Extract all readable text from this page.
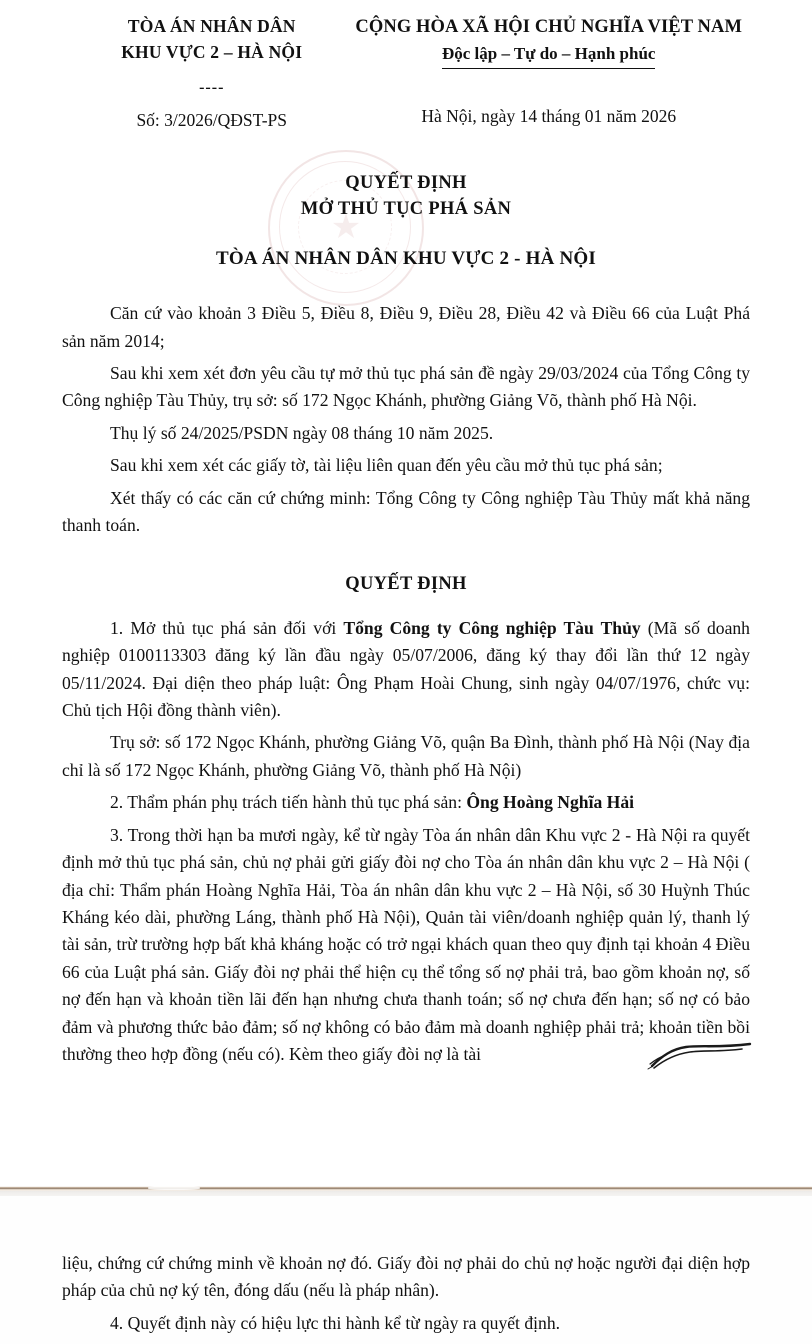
★
TÒA ÁN NHÂN DÂN
KHU VỰC 2 – HÀ NỘI
----
Số: 3/2026/QĐST-PS
CỘNG HÒA XÃ HỘI CHỦ NGHĨA VIỆT NAM
Độc lập – Tự do – Hạnh phúc
Hà Nội, ngày 14 tháng 01 năm 2026
QUYẾT ĐỊNH
MỞ THỦ TỤC PHÁ SẢN
TÒA ÁN NHÂN DÂN KHU VỰC 2 - HÀ NỘI

Căn cứ vào khoản 3 Điều 5, Điều 8, Điều 9, Điều 28, Điều 42 và Điều 66 của Luật Phá sản năm 2014;

Sau khi xem xét đơn yêu cầu tự mở thủ tục phá sản đề ngày 29/03/2024 của Tổng Công ty Công nghiệp Tàu Thủy, trụ sở: số 172 Ngọc Khánh, phường Giảng Võ, thành phố Hà Nội.

Thụ lý số 24/2025/PSDN ngày 08 tháng 10 năm 2025.

Sau khi xem xét các giấy tờ, tài liệu liên quan đến yêu cầu mở thủ tục phá sản;

Xét thấy có các căn cứ chứng minh: Tổng Công ty Công nghiệp Tàu Thủy mất khả năng thanh toán.

QUYẾT ĐỊNH

1. Mở thủ tục phá sản đối với Tổng Công ty Công nghiệp Tàu Thủy (Mã số doanh nghiệp 0100113303 đăng ký lần đầu ngày 05/07/2006, đăng ký thay đổi lần thứ 12 ngày 05/11/2024. Đại diện theo pháp luật: Ông Phạm Hoài Chung, sinh ngày 04/07/1976, chức vụ: Chủ tịch Hội đồng thành viên).

Trụ sở: số 172 Ngọc Khánh, phường Giảng Võ, quận Ba Đình, thành phố Hà Nội (Nay địa chỉ là số 172 Ngọc Khánh, phường Giảng Võ, thành phố Hà Nội)

2. Thẩm phán phụ trách tiến hành thủ tục phá sản: Ông Hoàng Nghĩa Hải

3. Trong thời hạn ba mươi ngày, kể từ ngày Tòa án nhân dân Khu vực 2 - Hà Nội ra quyết định mở thủ tục phá sản, chủ nợ phải gửi giấy đòi nợ cho Tòa án nhân dân khu vực 2 – Hà Nội ( địa chỉ: Thẩm phán Hoàng Nghĩa Hải, Tòa án nhân dân khu vực 2 – Hà Nội, số 30 Huỳnh Thúc Kháng kéo dài, phường Láng, thành phố Hà Nội), Quản tài viên/doanh nghiệp quản lý, thanh lý tài sản, trừ trường hợp bất khả kháng hoặc có trở ngại khách quan theo quy định tại khoản 4 Điều 66 của Luật phá sản. Giấy đòi nợ phải thể hiện cụ thể tổng số nợ phải trả, bao gồm khoản nợ, số nợ đến hạn và khoản tiền lãi đến hạn nhưng chưa thanh toán; số nợ chưa đến hạn; số nợ có bảo đảm và phương thức bảo đảm; số nợ không có bảo đảm mà doanh nghiệp phải trả; khoản tiền bồi thường theo hợp đồng (nếu có). Kèm theo giấy đòi nợ là tài

liệu, chứng cứ chứng minh về khoản nợ đó. Giấy đòi nợ phải do chủ nợ hoặc người đại diện hợp pháp của chủ nợ ký tên, đóng dấu (nếu là pháp nhân).

4. Quyết định này có hiệu lực thi hành kể từ ngày ra quyết định.
